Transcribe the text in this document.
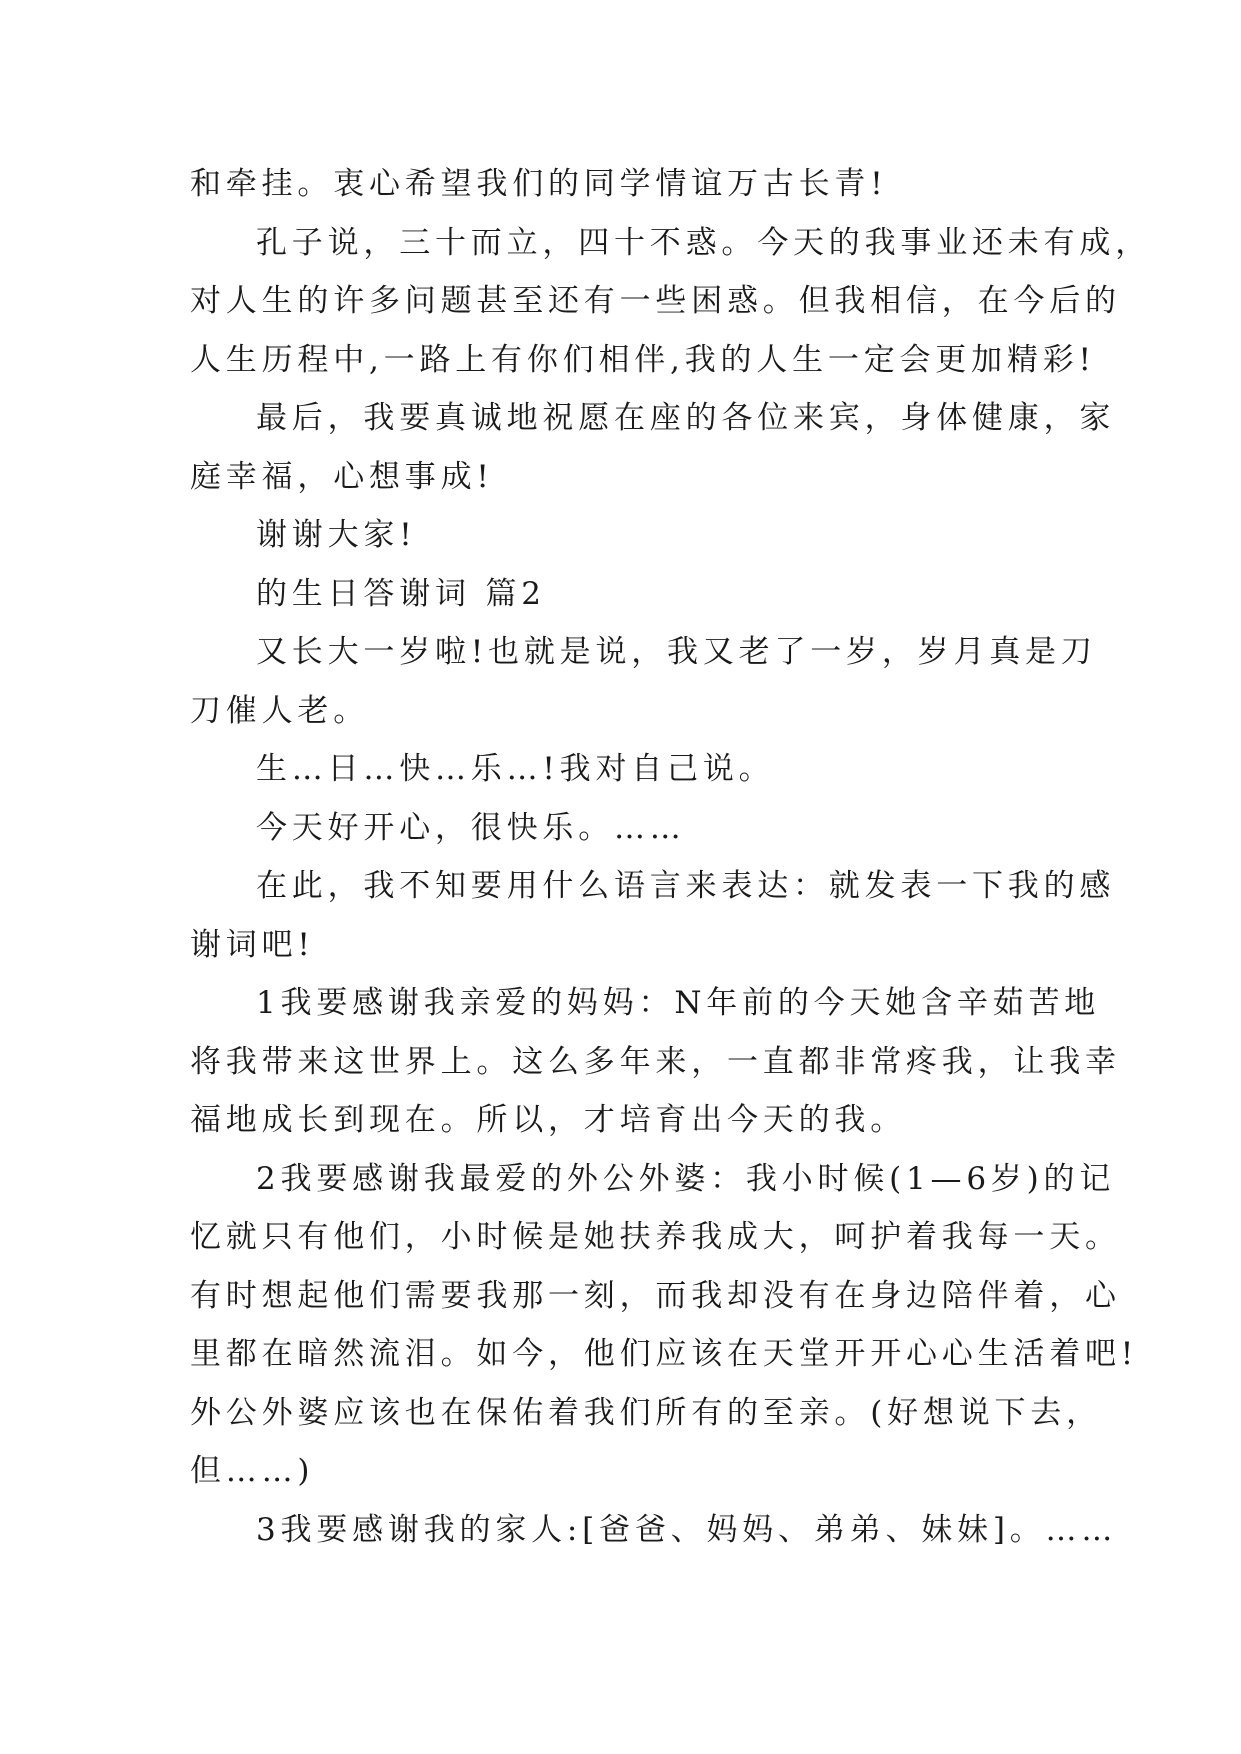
和牵挂。衷心希望我们的同学情谊万古长青!
孔子说，三十而立，四十不惑。今天的我事业还未有成，
对人生的许多问题甚至还有一些困惑。但我相信，在今后的
人生历程中,一路上有你们相伴,我的人生一定会更加精彩!
最后，我要真诚地祝愿在座的各位来宾，身体健康，家
庭幸福，心想事成!
谢谢大家!
的生日答谢词 篇2
又长大一岁啦!也就是说，我又老了一岁，岁月真是刀
刀催人老。
生…日…快…乐…!我对自己说。
今天好开心，很快乐。……
在此，我不知要用什么语言来表达：就发表一下我的感
谢词吧!
1我要感谢我亲爱的妈妈：N年前的今天她含辛茹苦地
将我带来这世界上。这么多年来，一直都非常疼我，让我幸
福地成长到现在。所以，才培育出今天的我。
2我要感谢我最爱的外公外婆：我小时候(1—6岁)的记
忆就只有他们，小时候是她扶养我成大，呵护着我每一天。
有时想起他们需要我那一刻，而我却没有在身边陪伴着，心
里都在暗然流泪。如今，他们应该在天堂开开心心生活着吧!
外公外婆应该也在保佑着我们所有的至亲。(好想说下去，
但……)
3我要感谢我的家人:[爸爸、妈妈、弟弟、妹妹]。……
